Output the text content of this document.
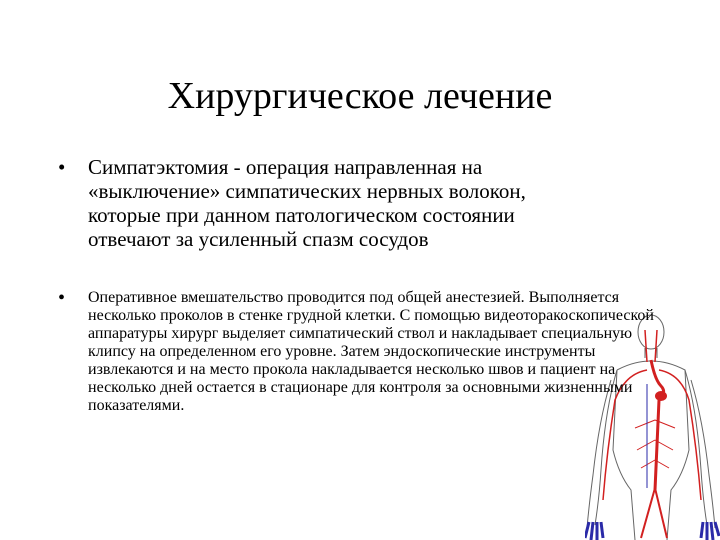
Хирургическое лечение
• Симпатэктомия - операция направленная на «выключение» симпатических нервных волокон, которые при данном патологическом состоянии отвечают за усиленный спазм сосудов
• Оперативное вмешательство проводится под общей анестезией. Выполняется несколько проколов в стенке грудной клетки. С помощью видеоторакоскопической аппаратуры хирург выделяет симпатический ствол и накладывает специальную клипсу на определенном его уровне. Затем эндоскопические инструменты извлекаются и на место прокола накладывается несколько швов и пациент на несколько дней остается в стационаре для контроля за основными жизненными показателями.
